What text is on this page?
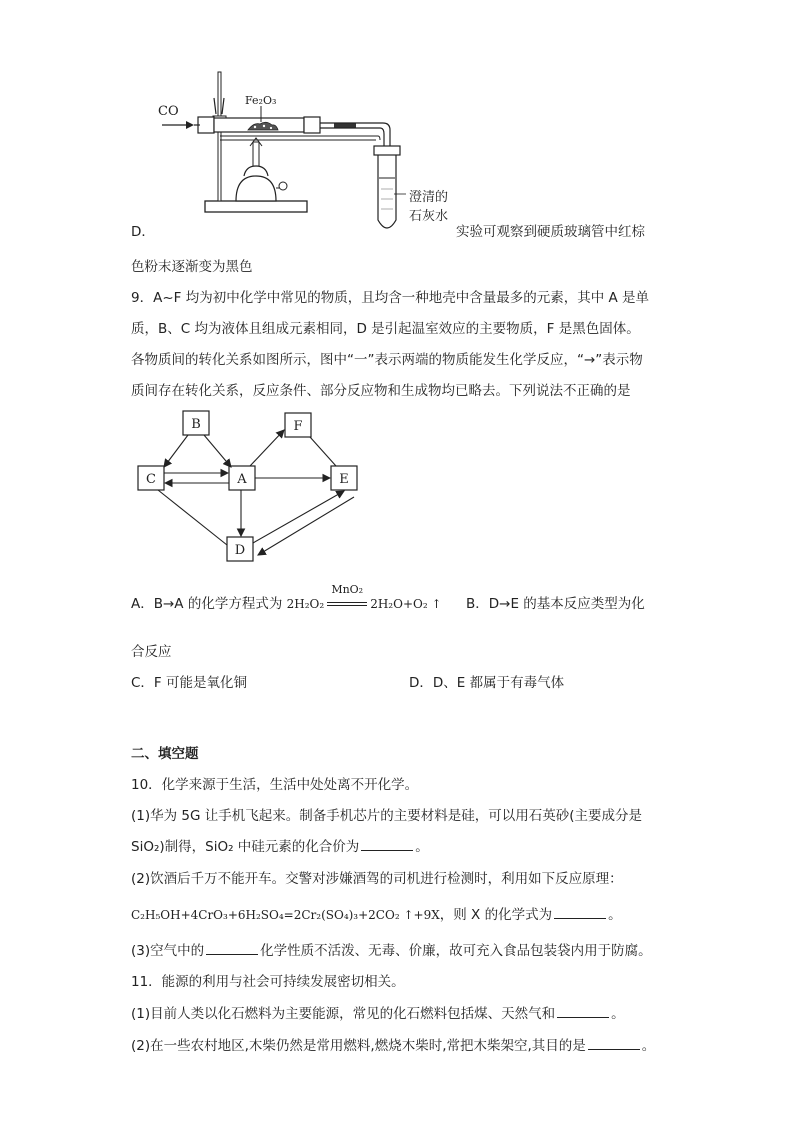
CO
Fe₂O₃
澄清的
石灰水
D．	实验可观察到硬质玻璃管中红棕
色粉末逐渐变为黑色
9．A~F 均为初中化学中常见的物质，且均含一种地壳中含量最多的元素，其中 A 是单
质，B、C 均为液体且组成元素相同，D 是引起温室效应的主要物质，F 是黑色固体。
各物质间的转化关系如图所示，图中“一”表示两端的物质能发生化学反应，“→”表示物
质间存在转化关系，反应条件、部分反应物和生成物均已略去。下列说法不正确的是
B	F
C	A	E
D
A．B→A 的化学方程式为 2H₂O₂
MnO₂
2H₂O+O₂ ↑ B．D→E 的基本反应类型为化
合反应
C．F 可能是氧化铜	D．D、E 都属于有毒气体
二、填空题
10．化学来源于生活，生活中处处离不开化学。
(1)华为 5G 让手机飞起来。制备手机芯片的主要材料是硅，可以用石英砂(主要成分是
SiO₂)制得，SiO₂ 中硅元素的化合价为	。
(2)饮酒后千万不能开车。交警对涉嫌酒驾的司机进行检测时，利用如下反应原理：
C₂H₅OH+4CrO₃+6H₂SO₄=2Cr₂(SO₄)₃+2CO₂ ↑+9X，则 X 的化学式为	。
(3)空气中的	化学性质不活泼、无毒、价廉，故可充入食品包装袋内用于防腐。
11．能源的利用与社会可持续发展密切相关。
(1)目前人类以化石燃料为主要能源，常见的化石燃料包括煤、天然气和	。
(2)在一些农村地区,木柴仍然是常用燃料,燃烧木柴时,常把木柴架空,其目的是	。
